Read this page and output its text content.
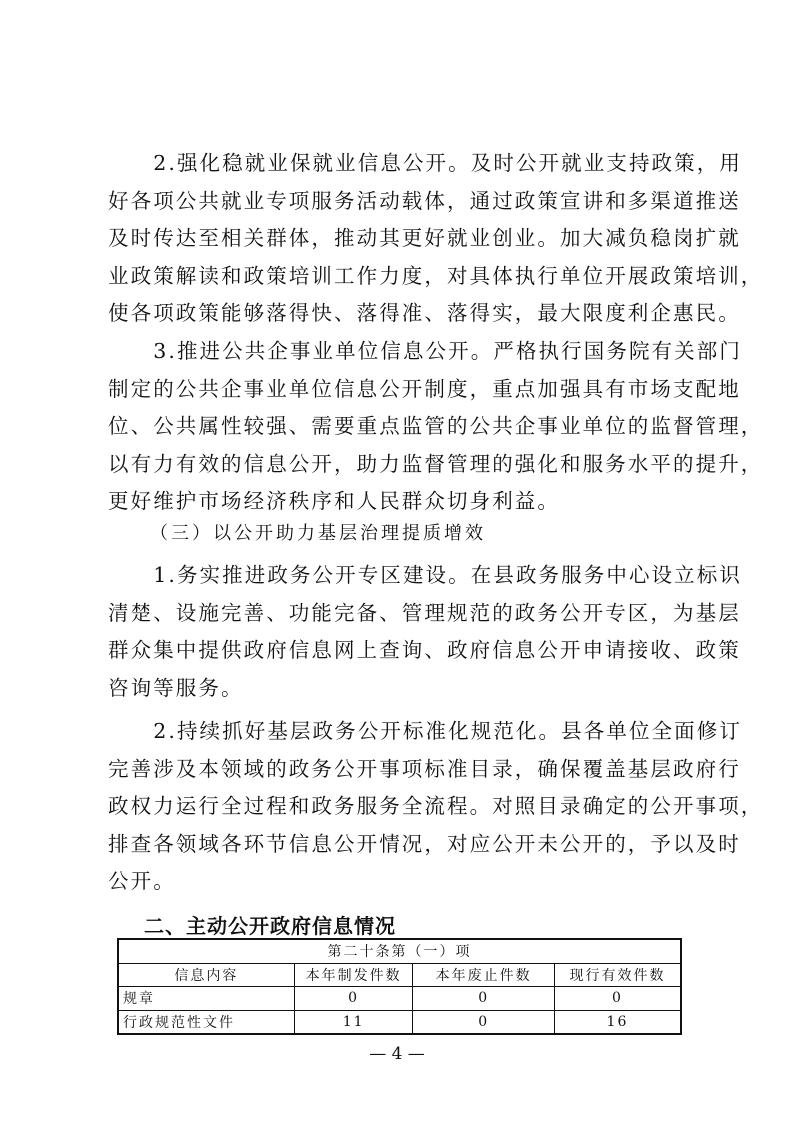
　　2.强化稳就业保就业信息公开。及时公开就业支持政策，用
好各项公共就业专项服务活动载体，通过政策宣讲和多渠道推送
及时传达至相关群体，推动其更好就业创业。加大减负稳岗扩就
业政策解读和政策培训工作力度，对具体执行单位开展政策培训，
使各项政策能够落得快、落得准、落得实，最大限度利企惠民。
　　3.推进公共企事业单位信息公开。严格执行国务院有关部门
制定的公共企事业单位信息公开制度，重点加强具有市场支配地
位、公共属性较强、需要重点监管的公共企事业单位的监督管理，
以有力有效的信息公开，助力监督管理的强化和服务水平的提升，
更好维护市场经济秩序和人民群众切身利益。
（三）以公开助力基层治理提质增效
　　1.务实推进政务公开专区建设。在县政务服务中心设立标识
清楚、设施完善、功能完备、管理规范的政务公开专区，为基层
群众集中提供政府信息网上查询、政府信息公开申请接收、政策
咨询等服务。
　　2.持续抓好基层政务公开标准化规范化。县各单位全面修订
完善涉及本领域的政务公开事项标准目录，确保覆盖基层政府行
政权力运行全过程和政务服务全流程。对照目录确定的公开事项，
排查各领域各环节信息公开情况，对应公开未公开的，予以及时
公开。
二、主动公开政府信息情况
第二十条第（一）项			
信息内容	本年制发件数	本年废止件数	现行有效件数
规章	0	0	0
行政规范性文件	11	0	16
— 4 —
